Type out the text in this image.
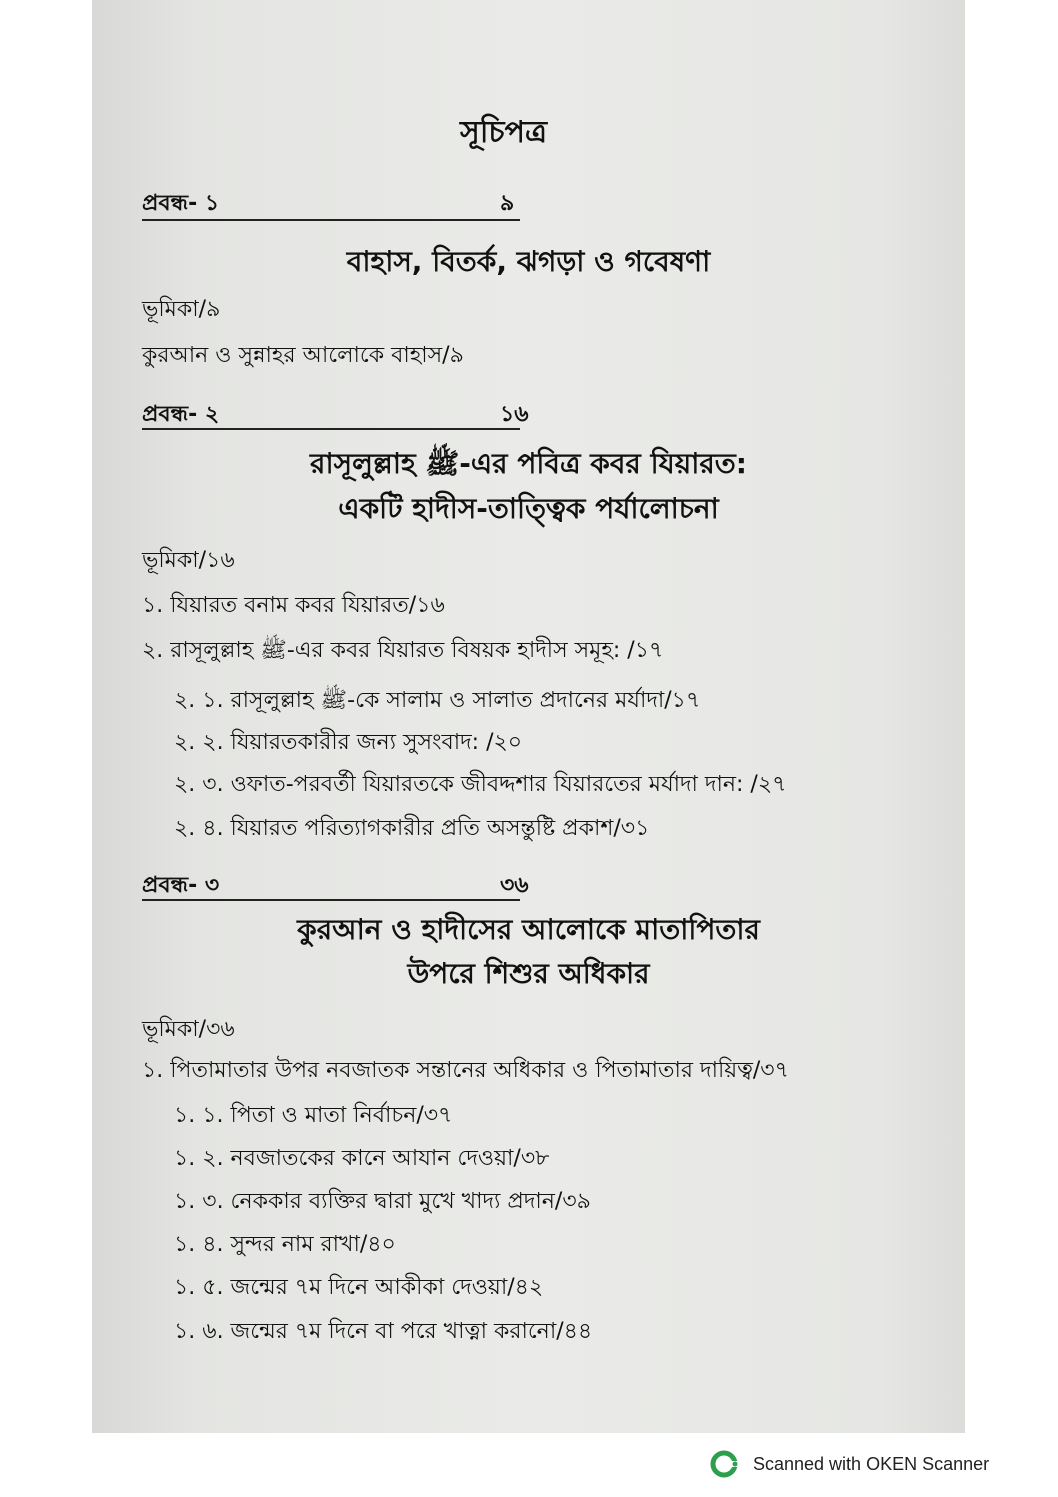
সূচিপত্র
প্রবন্ধ- ১	৯
বাহাস, বিতর্ক, ঝগড়া ও গবেষণা
ভূমিকা/৯
কুরআন ও সুন্নাহর আলোকে বাহাস/৯
প্রবন্ধ- ২	১৬
রাসূলুল্লাহ ﷺ-এর পবিত্র কবর যিয়ারত:
একটি হাদীস-তাত্ত্বিক পর্যালোচনা
ভূমিকা/১৬
১. যিয়ারত বনাম কবর যিয়ারত/১৬
২. রাসূলুল্লাহ ﷺ-এর কবর যিয়ারত বিষয়ক হাদীস সমূহ: /১৭
২. ১. রাসূলুল্লাহ ﷺ-কে সালাম ও সালাত প্রদানের মর্যাদা/১৭
২. ২. যিয়ারতকারীর জন্য সুসংবাদ: /২০
২. ৩. ওফাত-পরবর্তী যিয়ারতকে জীবদ্দশার যিয়ারতের মর্যাদা দান: /২৭
২. ৪. যিয়ারত পরিত্যাগকারীর প্রতি অসন্তুষ্টি প্রকাশ/৩১
প্রবন্ধ- ৩	৩৬
কুরআন ও হাদীসের আলোকে মাতাপিতার
উপরে শিশুর অধিকার
ভূমিকা/৩৬
১. পিতামাতার উপর নবজাতক সন্তানের অধিকার ও পিতামাতার দায়িত্ব/৩৭
১. ১. পিতা ও মাতা নির্বাচন/৩৭
১. ২. নবজাতকের কানে আযান দেওয়া/৩৮
১. ৩. নেককার ব্যক্তির দ্বারা মুখে খাদ্য প্রদান/৩৯
১. ৪. সুন্দর নাম রাখা/৪০
১. ৫. জন্মের ৭ম দিনে আকীকা দেওয়া/৪২
১. ৬. জন্মের ৭ম দিনে বা পরে খাত্না করানো/৪৪
Scanned with OKEN Scanner
